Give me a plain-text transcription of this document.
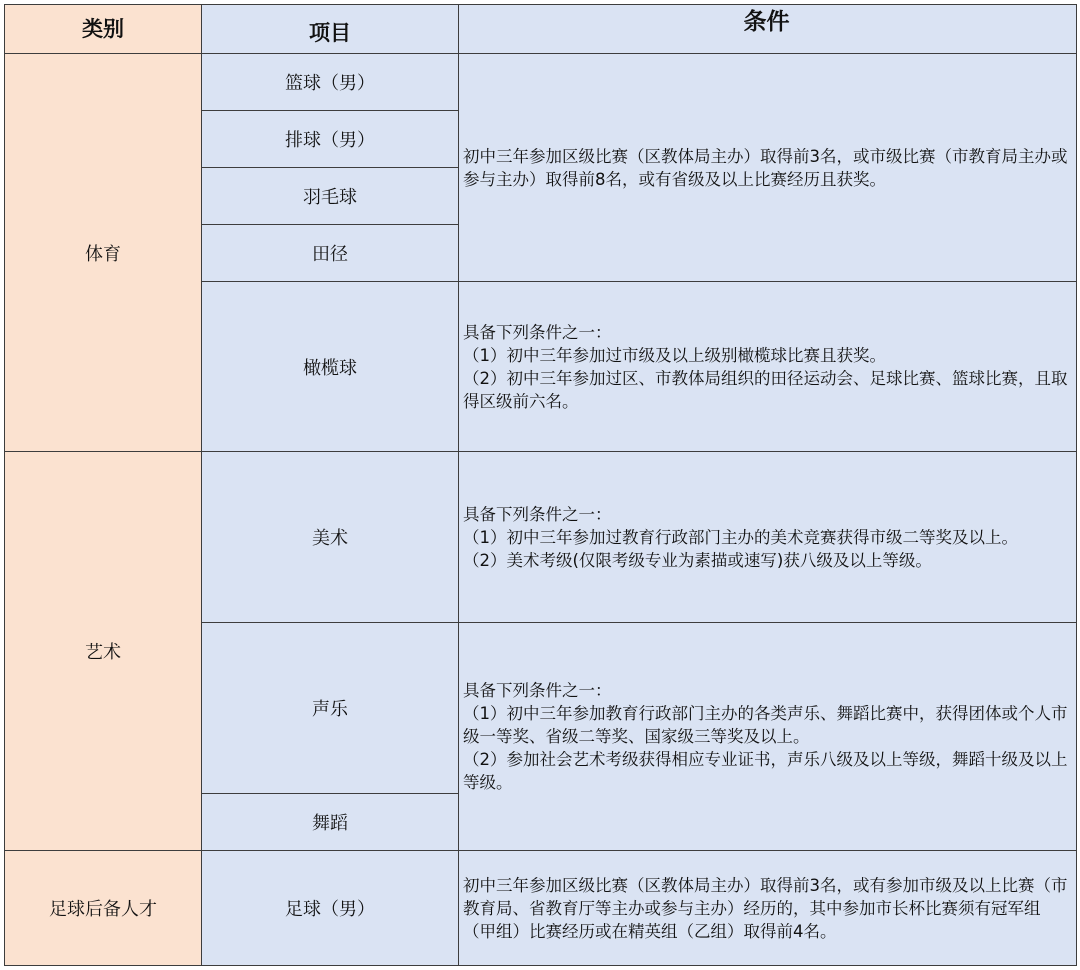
类别	项目	条件
体育
艺术
足球后备人才
篮球（男）
排球（男）
羽毛球
田径
橄榄球
美术
声乐
舞蹈
足球（男）
初中三年参加区级比赛（区教体局主办）取得前3名，或市级比赛（市教育局主办或参与主办）取得前8名，或有省级及以上比赛经历且获奖。
具备下列条件之一：
（1）初中三年参加过市级及以上级别橄榄球比赛且获奖。
（2）初中三年参加过区、市教体局组织的田径运动会、足球比赛、篮球比赛，且取得区级前六名。
具备下列条件之一：
（1）初中三年参加过教育行政部门主办的美术竞赛获得市级二等奖及以上。
（2）美术考级(仅限考级专业为素描或速写)获八级及以上等级。
具备下列条件之一：
（1）初中三年参加教育行政部门主办的各类声乐、舞蹈比赛中，获得团体或个人市级一等奖、省级二等奖、国家级三等奖及以上。
（2）参加社会艺术考级获得相应专业证书，声乐八级及以上等级，舞蹈十级及以上等级。
初中三年参加区级比赛（区教体局主办）取得前3名，或有参加市级及以上比赛（市教育局、省教育厅等主办或参与主办）经历的，其中参加市长杯比赛须有冠军组（甲组）比赛经历或在精英组（乙组）取得前4名。
